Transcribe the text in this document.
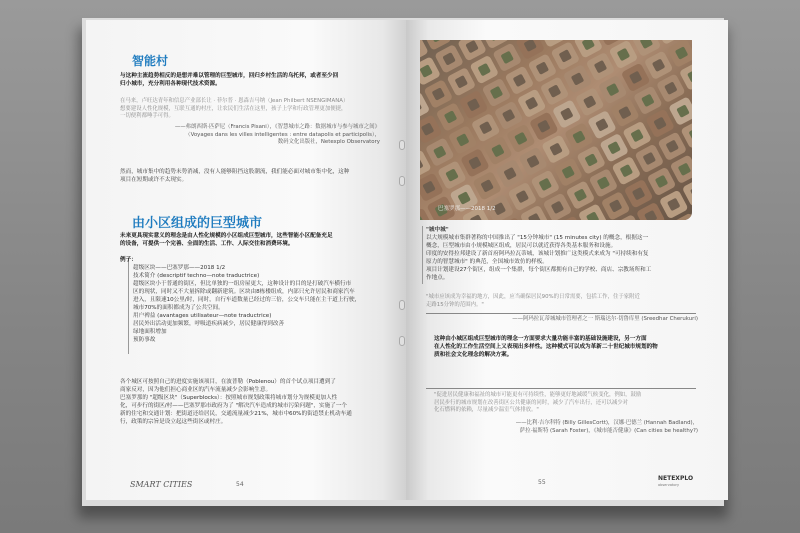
智能村
与这种主流趋势相反的是想并难以管理的巨型城市，回归乡村生活的乌托邦，或者至少回
归小城市，充分利用各种现代技术资源。
在马来，卢旺达青年和信息产业部长让 · 菲尔普 · 恩森吉马纳（Jean Philbert NSENGIMANA）
想要建设人性化规模，互联互通的村庄，让农民们生活在这里，孩子上学和行政管理更加便捷，
一切便利都唾手可得。
——弗朗西斯·匹萨尼（Francis Pisani），《智慧城市之路：数据城市与参与城市之间》
（Voyages dans les villes intelligentes : entre datapolis et participolis），
数码文化出版社，Netexplo Observatory
然而，城市集中的趋势未势消减，没有人能够阻挡这股潮流，我们能必面对城市集中化，这种
项目在短期或许不太现实。
由小区组成的巨型城市
未来更具现实意义的理念是由人性化规模的小区组成巨型城市，这些智能小区配备充足
的设备，可提供一个完善、全面的生活、工作、人际交往和消费环境。
例子：
超级区块——巴塞罗那——2018 1/2
技术简介 (descriptif techno—note traductrice)
超级区块小于普通的街区，但比单独的一组房屋更大，这种设计的目的是打破汽车横行市
区的现状，同时又不大量拆除或翻新建筑。区块由8栋楼组成，内部只允许居民和商家汽车
进入，且限速10公里/时，同时，自行车道数量已经过的三倍，公交车只能在主干道上行驶，
城市70%的面积都成为了公共空间。
用户裨益 (avantages utilisateur—note traductrice)
居民外出活动更加频繁，呼吸道疾病减少，居民健康得到改善
绿地面积增加
预防事故
各个城区可按照自己的进度实施该项目，在波普勒（Poblenou）的首个试点项目遭到了
商家反对，因为他们担心商业区的汽车流量减少会影响生意。
巴塞罗那的 "超级区块"（Superblocks）：按照城市规划政策将城市划分为规模更加人性
化，可步行的街区/村——巴塞罗那市政府为了 "解决汽车造成的城市污染问题"，实施了一个
新的住宅和交通计划：把街道还给居民，交通流量减少21%，城市中60%的街道禁止机动车通
行，政策的宗旨是设立起这些街区或村庄。
SMART CITIES	54
巴塞罗那——2018 1/2
"城中城"
以大规模城市集群著称的中国推出了 "15分钟城市" (15 minutes city) 的概念，根据这一
概念，巨型城市由小规模城区组成，居民可以就近获得各类基本服务和设施。
印度的安得拉邦建设了新首府阿玛拉瓦蒂城，该城计划推广这类模式来成为 "可持续和有复
原力的智慧城市" 的典范，全国城市效仿的样板。
项目计划建设27个街区，组成一个集群，每个街区都拥有自己的学校、商店、宗教场所和工
作地点。
"城市应该成为幸福的地方，因此，应当确保居民90%的日常需要，包括工作，住于家附近
走路15分钟的范围内。"
——阿玛拉瓦蒂城城市管理者之一 斯瑞达尔·切鲁库里 (Sreedhar Cherukuri)
这种由小城区组成巨型城市的理念一方面要求大量功能丰富的基础设施建设，另一方面
在人性化的工作生活空间上又表现出多样性。这种模式可以成为革新二十世纪城市规划的物
质和社会文化理念的解决方案。
"促进居民健康和福祉的城市可能更有可持续性，能够更好地减缓气候变化，例如，鼓励
居民步行的城市规划在改善街区公共健康的同时，减少了汽车出行，还可以减少对
化石燃料的依赖，尽量减少温室气体排放。"
——比利·吉尔科特 (Billy GillesCortt)，汉娜·巴德兰 (Hannah Badland)，
萨拉·福斯特 (Sarah Foster)，《城市能否健康》(Can cities be healthy?)
55
NETEXPLO
observatory
